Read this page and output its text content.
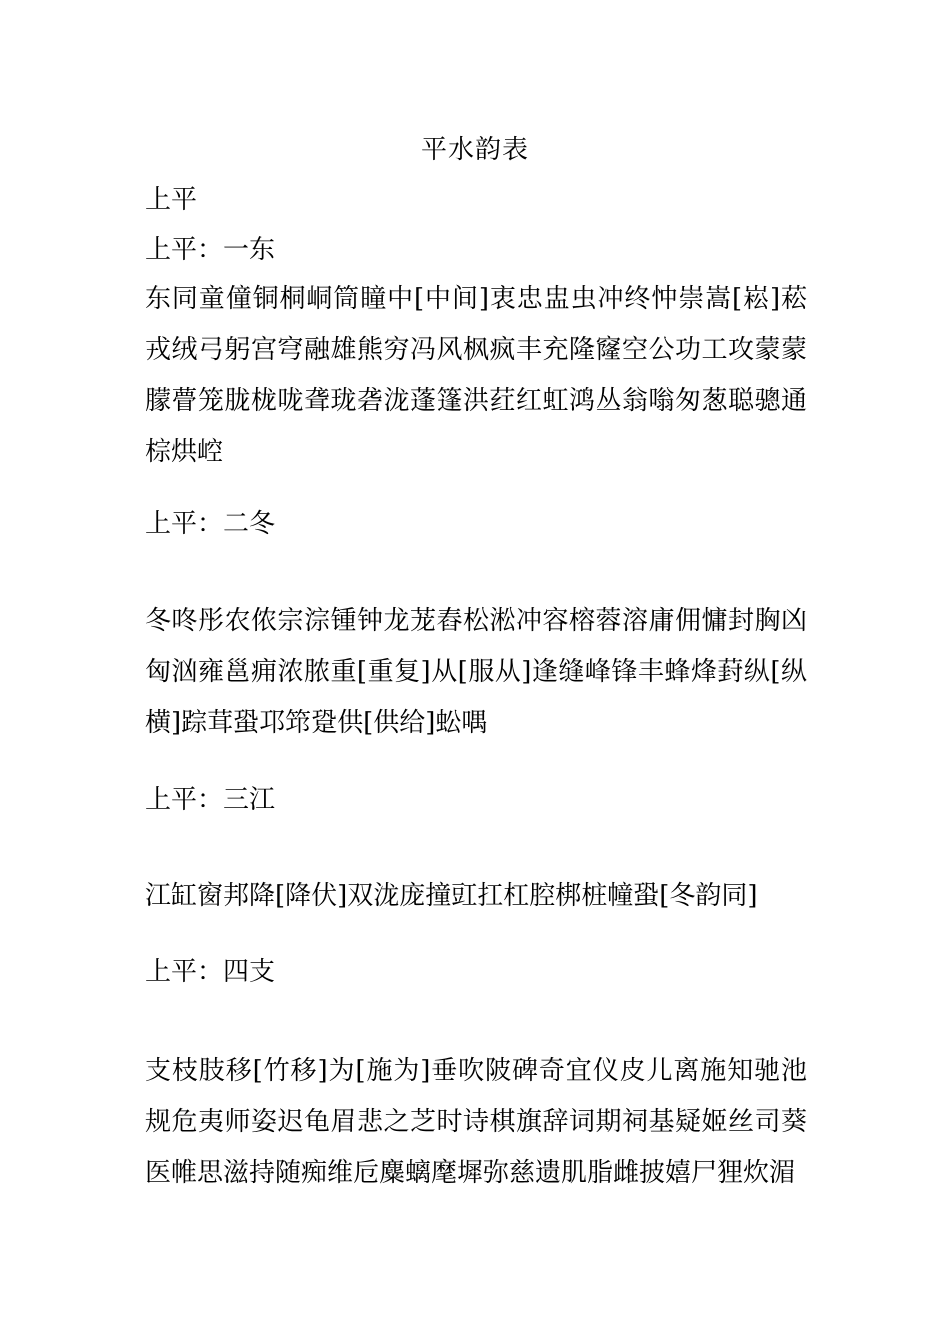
平水韵表
上平
上平：一东
东同童僮铜桐峒筒瞳中[中间]衷忠盅虫冲终忡崇嵩[崧]菘戎绒弓躬宫穹融雄熊穷冯风枫疯丰充隆窿空公功工攻蒙蒙朦瞢笼胧栊咙聋珑砻泷蓬篷洪荭红虹鸿丛翁嗡匆葱聪骢通棕烘崆
上平：二冬
冬咚彤农侬宗淙锺钟龙茏舂松淞冲容榕蓉溶庸佣慵封胸凶匈汹雍邕痈浓脓重[重复]从[服从]逢缝峰锋丰蜂烽葑纵[纵横]踪茸蛩邛筇跫供[供给]蚣喁
上平：三江
江缸窗邦降[降伏]双泷庞撞豇扛杠腔梆桩幢蛩[冬韵同]
上平：四支
支枝肢移[竹移]为[施为]垂吹陂碑奇宜仪皮儿离施知驰池规危夷师姿迟龟眉悲之芝时诗棋旗辞词期祠基疑姬丝司葵医帷思滋持随痴维卮麋螭麾墀弥慈遗肌脂雌披嬉尸狸炊湄
